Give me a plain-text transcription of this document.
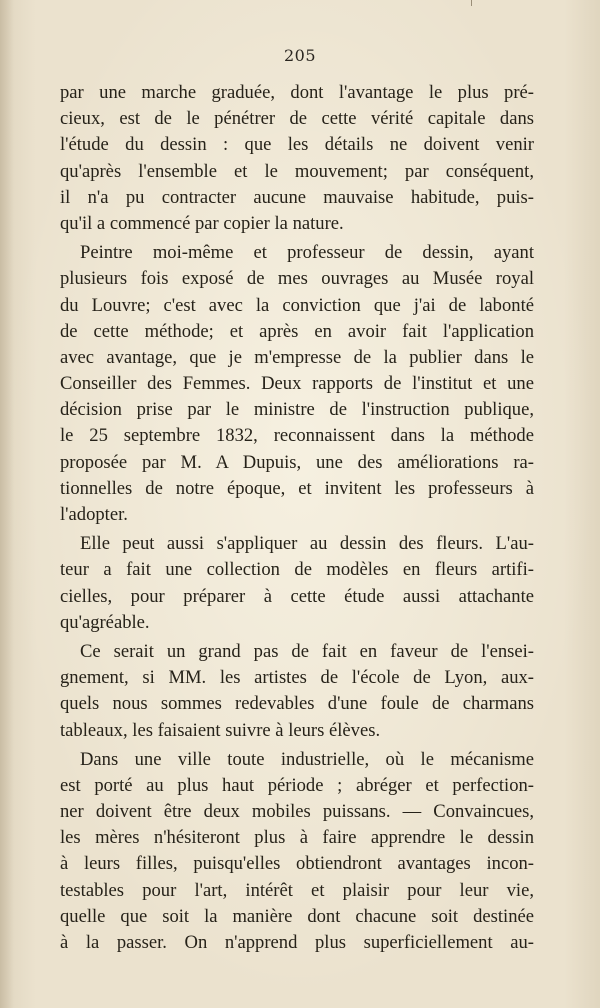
205
par une marche graduée, dont l'avantage le plus pré-
cieux, est de le pénétrer de cette vérité capitale dans
l'étude du dessin : que les détails ne doivent venir
qu'après l'ensemble et le mouvement; par conséquent,
il n'a pu contracter aucune mauvaise habitude, puis-
qu'il a commencé par copier la nature.
Peintre moi-même et professeur de dessin, ayant
plusieurs fois exposé de mes ouvrages au Musée royal
du Louvre; c'est avec la conviction que j'ai de labonté
de cette méthode; et après en avoir fait l'application
avec avantage, que je m'empresse de la publier dans le
Conseiller des Femmes. Deux rapports de l'institut et une
décision prise par le ministre de l'instruction publique,
le 25 septembre 1832, reconnaissent dans la méthode
proposée par M. A Dupuis, une des améliorations ra-
tionnelles de notre époque, et invitent les professeurs à
l'adopter.
Elle peut aussi s'appliquer au dessin des fleurs. L'au-
teur a fait une collection de modèles en fleurs artifi-
cielles, pour préparer à cette étude aussi attachante
qu'agréable.
Ce serait un grand pas de fait en faveur de l'ensei-
gnement, si MM. les artistes de l'école de Lyon, aux-
quels nous sommes redevables d'une foule de charmans
tableaux, les faisaient suivre à leurs élèves.
Dans une ville toute industrielle, où le mécanisme
est porté au plus haut période ; abréger et perfection-
ner doivent être deux mobiles puissans. — Convaincues,
les mères n'hésiteront plus à faire apprendre le dessin
à leurs filles, puisqu'elles obtiendront avantages incon-
testables pour l'art, intérêt et plaisir pour leur vie,
quelle que soit la manière dont chacune soit destinée
à la passer. On n'apprend plus superficiellement au-
